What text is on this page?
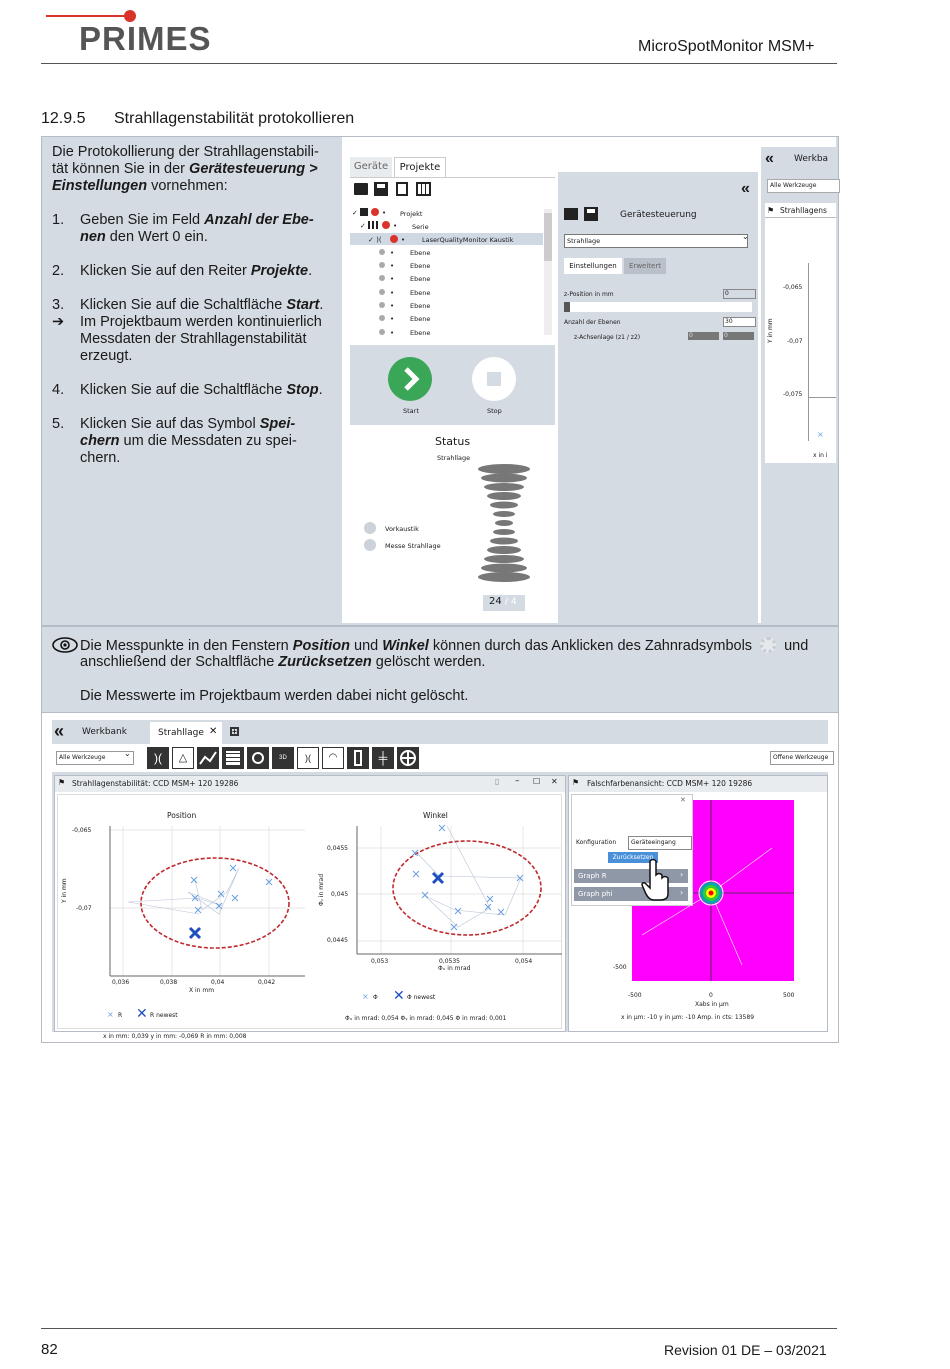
PRIMES	MicroSpotMonitor MSM+
12.9.5 Strahllagenstabilität protokollieren
Die Protokollierung der Strahllagenstabili-
tät können Sie in der Gerätesteuerung >
Einstellungen vornehmen:
1. Geben Sie im Feld Anzahl der Ebe-
nen den Wert 0 ein.
2. Klicken Sie auf den Reiter Projekte.
3. Klicken Sie auf die Schaltfläche Start.
➔ Im Projektbaum werden kontinuierlich
Messdaten der Strahllagenstabilität
erzeugt.
4. Klicken Sie auf die Schaltfläche Stop.
5. Klicken Sie auf das Symbol Spei-
chern um die Messdaten zu spei-
chern.
Geräte	Projekte
✓	•
✓	•
✓ )(	•
•
•
•
•
•
•
•
Projekt
Serie
LaserQualityMonitor Kaustik
Ebene
Ebene
Ebene
Ebene
Ebene
Ebene
Ebene
Start	Stop
Status
Strahllage
Vorkaustik
Messe Strahllage
24 / 4
«
Gerätesteuerung
Strahllage	⌄
Einstellungen	Erweitert
z-Position in mm	0
Anzahl der Ebenen	30
z-Achsenlage (z1 / z2)	0	0
« Werkba
Alle Werkzeuge
⚑ Strahllagens
-0,065
-0,07
-0,075
Y in mm
×
x in i
Die Messpunkte in den Fenstern Position und Winkel können durch das Anklicken des Zahnradsymbols  und
anschließend der Schaltfläche Zurücksetzen gelöscht werden.
Die Messwerte im Projektbaum werden dabei nicht gelöscht.
« Werkbank	Strahllage ✕ +
Alle Werkzeuge	⌄	)(	△	3D	)(	◠	╪	Offene Werkzeuge
⚑ Strahllagenstabilität: CCD MSM+ 120 19286	▯ – ☐ ✕
Position
-0,065
-0,07
Y in mm
0,036	0,038	0,04	0,042
X in mm
× R ✕ R newest
x in mm: 0,039 y in mm: -0,069 R in mm: 0,008
Winkel
0,0455
0,045
0,0445
Φᵧ in mrad
0,053	0,0535	0,054
Φₓ in mrad
× Φ ✕ Φ newest
Φₓ in mrad: 0,054 Φᵧ in mrad: 0,045 Φ in mrad: 0,001
⚑ Falschfarbenansicht: CCD MSM+ 120 19286
✕
Konfiguration	Geräteeingang
Zurücksetzen
Graph R	›
Graph phi	›
-500
-500	0	500
Xabs in µm
x in µm: -10 y in µm: -10 Amp. in cts: 13589
82	Revision 01 DE – 03/2021
